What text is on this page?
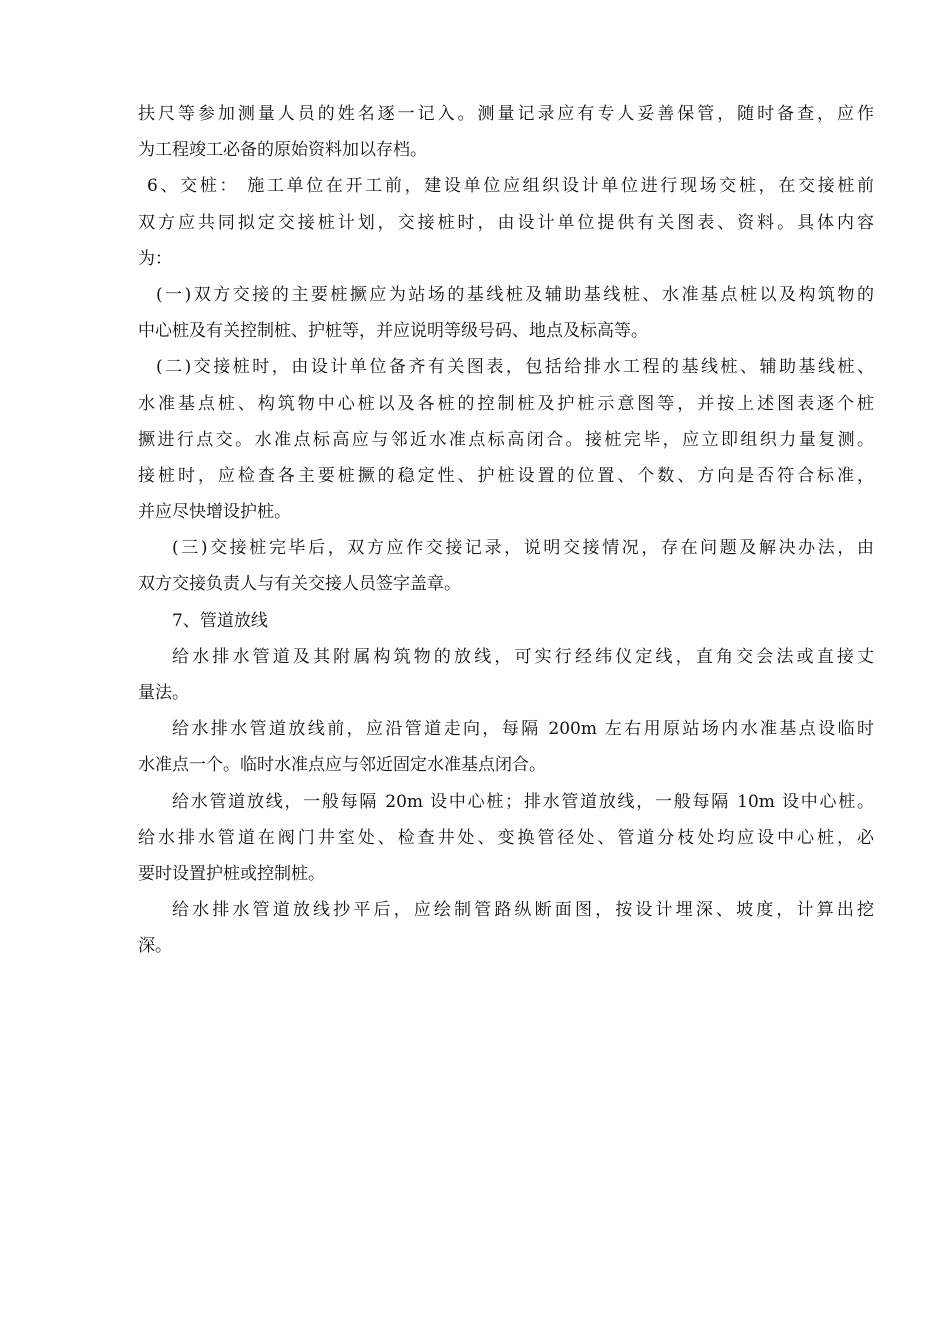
扶尺等参加测量人员的姓名逐一记入。测量记录应有专人妥善保管，随时备查，应作
为工程竣工必备的原始资料加以存档。
6、交桩： 施工单位在开工前，建设单位应组织设计单位进行现场交桩，在交接桩前
双方应共同拟定交接桩计划，交接桩时，由设计单位提供有关图表、资料。具体内容
为：
(一)双方交接的主要桩撅应为站场的基线桩及辅助基线桩、水准基点桩以及构筑物的
中心桩及有关控制桩、护桩等，并应说明等级号码、地点及标高等。
(二)交接桩时，由设计单位备齐有关图表，包括给排水工程的基线桩、辅助基线桩、
水准基点桩、构筑物中心桩以及各桩的控制桩及护桩示意图等，并按上述图表逐个桩
撅进行点交。水准点标高应与邻近水准点标高闭合。接桩完毕，应立即组织力量复测。
接桩时，应检查各主要桩撅的稳定性、护桩设置的位置、个数、方向是否符合标准，
并应尽快增设护桩。
(三)交接桩完毕后，双方应作交接记录，说明交接情况，存在问题及解决办法，由
双方交接负责人与有关交接人员签字盖章。
7、管道放线
给水排水管道及其附属构筑物的放线，可实行经纬仪定线，直角交会法或直接丈
量法。
给水排水管道放线前，应沿管道走向，每隔 200m 左右用原站场内水准基点设临时
水准点一个。临时水准点应与邻近固定水准基点闭合。
给水管道放线，一般每隔 20m 设中心桩；排水管道放线，一般每隔 10m 设中心桩。
给水排水管道在阀门井室处、检查井处、变换管径处、管道分枝处均应设中心桩，必
要时设置护桩或控制桩。
给水排水管道放线抄平后，应绘制管路纵断面图，按设计埋深、坡度，计算出挖
深。
